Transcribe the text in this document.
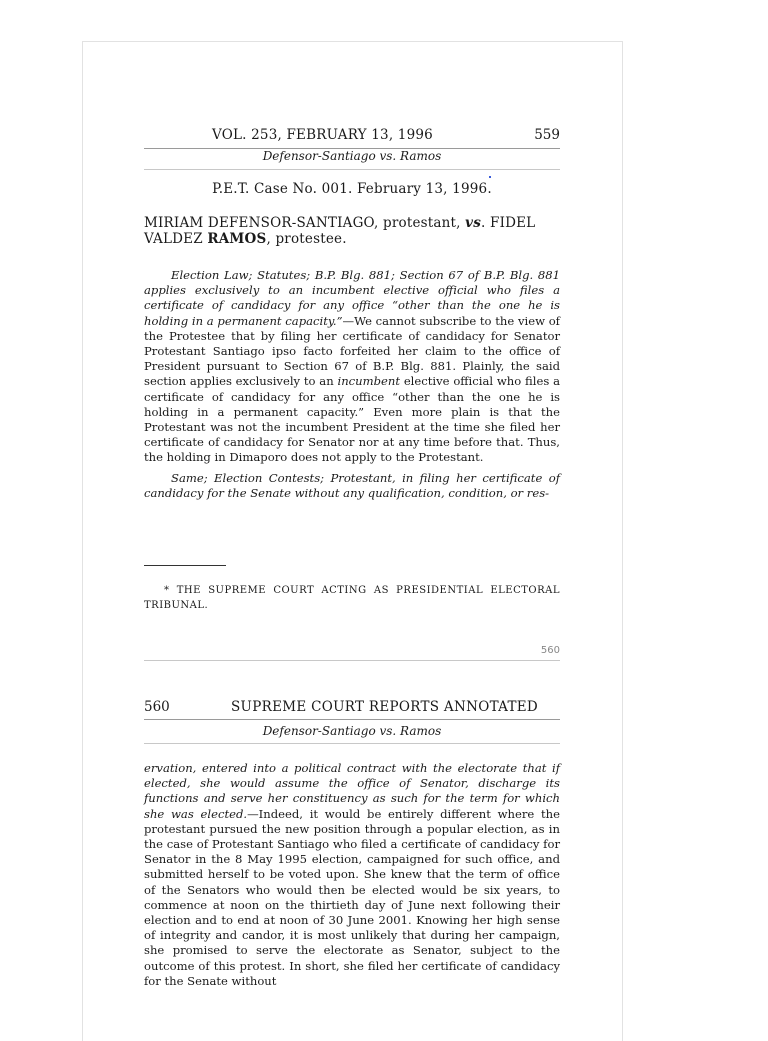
VOL. 253, FEBRUARY 13, 1996	559
Defensor-Santiago vs. Ramos
P.E.T. Case No. 001. February 13, 1996.
MIRIAM DEFENSOR-SANTIAGO, protestant, vs. FIDEL VALDEZ RAMOS, protestee.

Election Law; Statutes; B.P. Blg. 881; Section 67 of B.P. Blg. 881 applies exclusively to an incumbent elective official who files a certificate of candidacy for any office “other than the one he is holding in a permanent capacity.”—We cannot subscribe to the view of the Protestee that by filing her certificate of candidacy for Senator Protestant Santiago ipso facto forfeited her claim to the office of President pursuant to Section 67 of B.P. Blg. 881. Plainly, the said section applies exclusively to an incumbent elective official who files a certificate of candidacy for any office “other than the one he is holding in a permanent capacity.” Even more plain is that the Protestant was not the incumbent President at the time she filed her certificate of candidacy for Senator nor at any time before that. Thus, the holding in Dimaporo does not apply to the Protestant.

Same; Election Contests; Protestant, in filing her certificate of candidacy for the Senate without any qualification, condition, or res-

* THE SUPREME COURT ACTING AS PRESIDENTIAL ELECTORAL TRIBUNAL.
560
560	SUPREME COURT REPORTS ANNOTATED
Defensor-Santiago vs. Ramos

ervation, entered into a political contract with the electorate that if elected, she would assume the office of Senator, discharge its functions and serve her constituency as such for the term for which she was elected.—Indeed, it would be entirely different where the protestant pursued the new position through a popular election, as in the case of Protestant Santiago who filed a certificate of candidacy for Senator in the 8 May 1995 election, campaigned for such office, and submitted herself to be voted upon. She knew that the term of office of the Senators who would then be elected would be six years, to commence at noon on the thirtieth day of June next following their election and to end at noon of 30 June 2001. Knowing her high sense of integrity and candor, it is most unlikely that during her campaign, she promised to serve the electorate as Senator, subject to the outcome of this protest. In short, she filed her certificate of candidacy for the Senate without
